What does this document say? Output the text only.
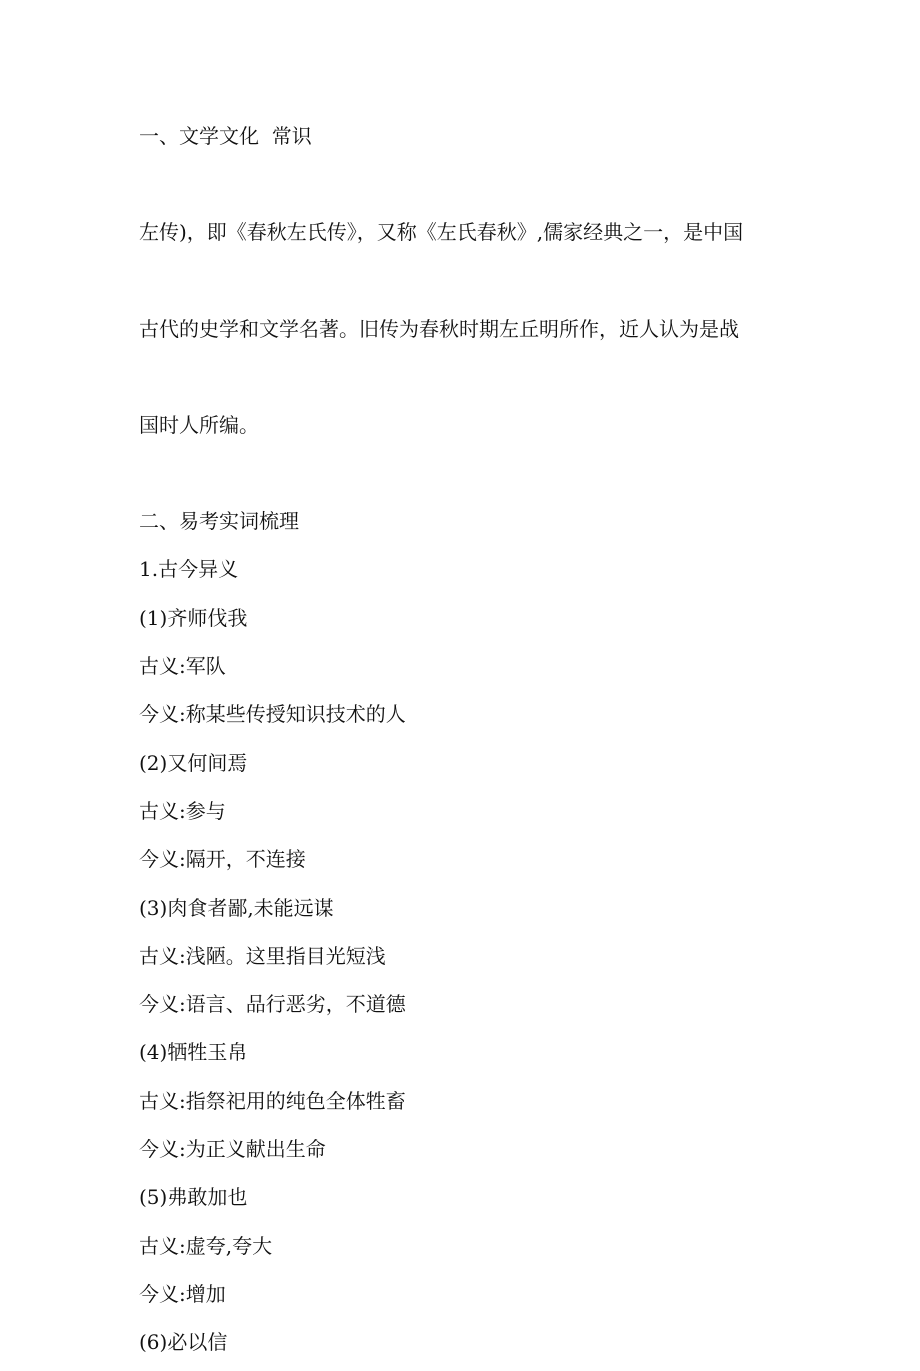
一、文学文化  常识

左传)，即《春秋左氏传》，又称《左氏春秋》,儒家经典之一，是中国

古代的史学和文学名著。旧传为春秋时期左丘明所作，近人认为是战

国时人所编。

二、易考实词梳理
1.古今异义
(1)齐师伐我
古义:军队
今义:称某些传授知识技术的人
(2)又何间焉
古义:参与
今义:隔开，不连接
(3)肉食者鄙,未能远谋
古义:浅陋。这里指目光短浅
今义:语言、品行恶劣，不道德
(4)牺牲玉帛
古义:指祭祀用的纯色全体牲畜
今义:为正义献出生命
(5)弗敢加也
古义:虚夸,夸大
今义:增加
(6)必以信
